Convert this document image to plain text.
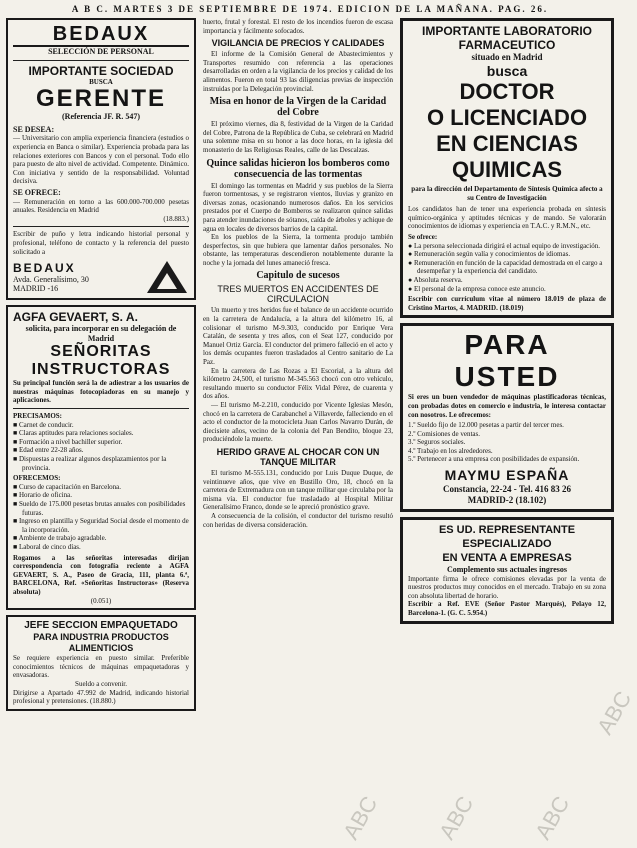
A B C. MARTES 3 DE SEPTIEMBRE DE 1974. EDICION DE LA MAÑANA. PAG. 26.
BEDAUX
SELECCIÓN DE PERSONAL
IMPORTANTE SOCIEDAD
BUSCA
GERENTE
(Referencia JF. R. 547)
SE DESEA:
— Universitario con amplia experiencia financiera (estudios o experiencia en Banca o similar). Experiencia probada para las relaciones exteriores con Bancos y con el personal. Todo ello para puesto de alto nivel de actividad. Competente. Dinámico. Con iniciativa y sentido de la responsabilidad. Voluntad decisiva.
SE OFRECE:
— Remuneración en torno a las 600.000-700.000 pesetas anuales. Residencia en Madrid
(18.883.)
Escribir de puño y letra indicando historial personal y profesional, teléfono de contacto y la referencia del puesto solicitado a
BEDAUX
Avda. Generalísimo, 30
MADRID -16
AGFA GEVAERT, S. A.
solicita, para incorporar en su delegación de Madrid
SEÑORITAS
INSTRUCTORAS
Su principal función será la de adiestrar a los usuarios de nuestras máquinas fotocopiadoras en su manejo y aplicaciones.
PRECISAMOS:
■ Carnet de conducir.
■ Claras aptitudes para relaciones sociales.
■ Formación a nivel bachiller superior.
■ Edad entre 22-28 años.
■ Dispuestas a realizar algunos desplazamientos por la provincia.
OFRECEMOS:
■ Curso de capacitación en Barcelona.
■ Horario de oficina.
■ Sueldo de 175.000 pesetas brutas anuales con posibilidades futuras.
■ Ingreso en plantilla y Seguridad Social desde el momento de la incorporación.
■ Ambiente de trabajo agradable.
■ Laboral de cinco días.
Rogamos a las señoritas interesadas dirijan correspondencia con fotografía reciente a AGFA GEVAERT, S. A., Paseo de Gracia, 111, planta 6.ª, BARCELONA, Ref. «Señoritas Instructoras» (Reserva absoluta)
(0.051)
JEFE SECCION EMPAQUETADO
PARA INDUSTRIA PRODUCTOS
ALIMENTICIOS
Se requiere experiencia en puesto similar. Preferible conocimientos técnicos de máquinas empaquetadoras y envasadoras.
Sueldo a convenir.
Dirigirse a Apartado 47.992 de Madrid, indicando historial profesional y pretensiones. (18.880.)
huerto, frutal y forestal. El resto de los incendios fueron de escasa importancia y fácilmente sofocados.
VIGILANCIA DE PRECIOS Y CALIDADES
El informe de la Comisión General de Abastecimientos y Transportes resumido con referencia a las operaciones desarrolladas en orden a la vigilancia de los precios y calidad de los alimentos. Fueron en total 93 las diligencias previas de inspección instruidas por la Delegación provincial.
Misa en honor de la Virgen de la Caridad del Cobre
El próximo viernes, día 8, festividad de la Virgen de la Caridad del Cobre, Patrona de la República de Cuba, se celebrará en Madrid una solemne misa en su honor a las doce horas, en la iglesia del monasterio de las Religiosas Reales, calle de las Descalzas.
Quince salidas hicieron los bomberos como consecuencia de las tormentas
El domingo las tormentas en Madrid y sus pueblos de la Sierra fueron tormentosas, y se registraron vientos, lluvias y granizo en diversas zonas, ocasionando numerosos daños. En los servicios prestados por el Cuerpo de Bomberos se realizaron quince salidas para atender inundaciones de sótanos, caída de árboles y achique de agua en locales de diversos barrios de la capital.
En los pueblos de la Sierra, la tormenta produjo también desperfectos, sin que hubiera que lamentar daños personales. No obstante, las temperaturas descendieron notablemente durante la noche y la jornada del lunes amaneció fresca.
Capitulo de sucesos
TRES MUERTOS EN ACCIDENTES DE CIRCULACION
Un muerto y tres heridos fue el balance de un accidente ocurrido en la carretera de Andalucía, a la altura del kilómetro 16, al colisionar el turismo M-9.303, conducido por Enrique Vera Catalán, de sesenta y tres años, con el Seat 127, conducido por Manuel Ortiz García. El conductor del primero falleció en el acto y los demás ocupantes fueron trasladados al Centro sanitario de La Paz.
En la carretera de Las Rozas a El Escorial, a la altura del kilómetro 24,500, el turismo M-345.563 chocó con otro vehículo, resultando muerto su conductor Félix Vidal Pérez, de cuarenta y dos años.
— El turismo M-2.210, conducido por Vicente Iglesias Mesón, chocó en la carretera de Carabanchel a Villaverde, falleciendo en el acto el conductor de la motocicleta Juan Carlos Navarro Durán, de diecisiete años, vecino de la colonia del Pan Bendito, bloque 23, produciéndole la muerte.
HERIDO GRAVE AL CHOCAR CON UN TANQUE MILITAR
El turismo M-555.131, conducido por Luis Duque Duque, de veintinueve años, que vive en Bustillo Oro, 18, chocó en la carretera de Extremadura con un tanque militar que circulaba por la misma vía. El conductor fue trasladado al Hospital Militar Generalísimo Franco, donde se le apreció pronóstico grave.
A consecuencia de la colisión, el conductor del turismo resultó con heridas de diversa consideración.
IMPORTANTE LABORATORIO
FARMACEUTICO
situado en Madrid
busca
DOCTOR
O LICENCIADO
EN CIENCIAS
QUIMICAS
para la dirección del Departamento de Síntesis Química afecto a su Centro de Investigación
Los candidatos han de tener una experiencia probada en síntesis químico-orgánica y aptitudes técnicas y de mando. Se valorarán conocimientos de idiomas y experiencia en T.A.C. y R.M.N., etc.
Se ofrece:
● La persona seleccionada dirigirá el actual equipo de investigación.
● Remuneración según valía y conocimientos de idiomas.
● Remuneración en función de la capacidad demostrada en el cargo a desempeñar y la experiencia del candidato.
● Absoluta reserva.
● El personal de la empresa conoce este anuncio.
Escribir con currículum vitae al número 18.019 de plaza de Cristino Martos, 4. MADRID. (18.019)
PARA USTED
Si eres un buen vendedor de máquinas plastificadoras técnicas, con probadas dotes en comercio e industria, le interesa contactar con nosotros. Le ofrecemos:
1.º Sueldo fijo de 12.000 pesetas a partir del tercer mes.
2.º Comisiones de ventas.
3.º Seguros sociales.
4.º Trabajo en los alrededores.
5.º Pertenecer a una empresa con posibilidades de expansión.
MAYMU ESPAÑA
Constancia, 22-24 - Tel. 416 83 26
MADRID-2 (18.102)
ES UD. REPRESENTANTE
ESPECIALIZADO
EN VENTA A EMPRESAS
Complemento sus actuales ingresos
Importante firma le ofrece comisiones elevadas por la venta de nuestros productos muy conocidos en el mercado. Trabajo en su zona con absoluta libertad de horario.
Escribir a Ref. EVE (Señor Pastor Marqués), Pelayo 12, Barcelona-1. (G. C. 5.954.)
ABC ABC ABC
ABC
